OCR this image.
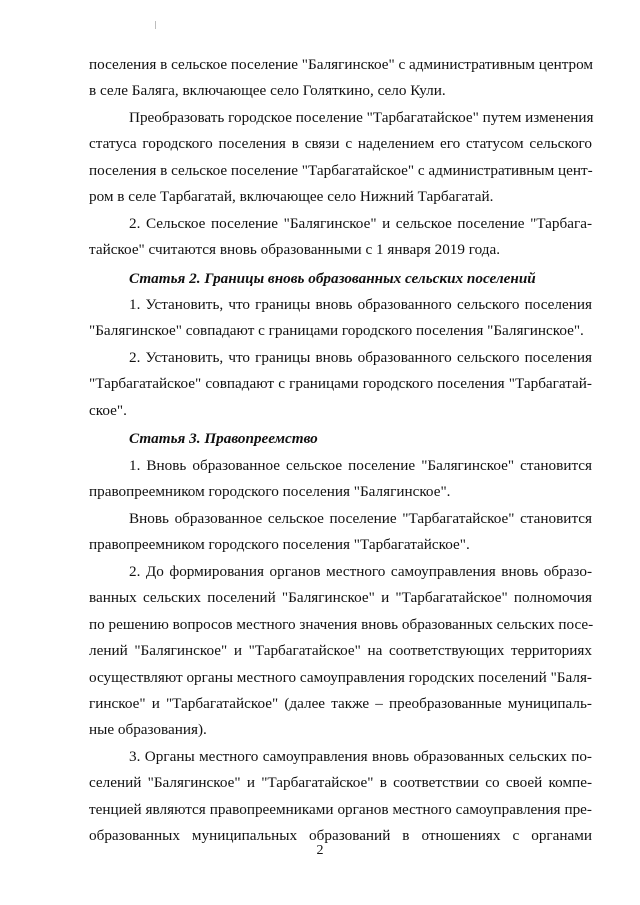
поселения в сельское поселение "Балягинское" с административным центром
в селе Балягa, включающее село Голяткино, село Кули.
Преобразовать городское поселение "Тарбагатайское" путем изменения
статуса городского поселения в связи с наделением его статусом сельского
поселения в сельское поселение "Тарбагатайское" с административным цент-
ром в селе Тарбагатай, включающее село Нижний Тарбагатай.
2. Сельское поселение "Балягинское" и сельское поселение "Тарбага-
тайское" считаются вновь образованными с 1 января 2019 года.
Статья 2. Границы вновь образованных сельских поселений
1. Установить, что границы вновь образованного сельского поселения
"Балягинское" совпадают с границами городского поселения "Балягинское".
2. Установить, что границы вновь образованного сельского поселения
"Тарбагатайское" совпадают с границами городского поселения "Тарбагатай-
ское".
Статья 3. Правопреемство
1. Вновь образованное сельское поселение "Балягинское" становится
правопреемником городского поселения "Балягинское".
Вновь образованное сельское поселение "Тарбагатайское" становится
правопреемником городского поселения "Тарбагатайское".
2. До формирования органов местного самоуправления вновь образо-
ванных сельских поселений "Балягинское" и "Тарбагатайское" полномочия
по решению вопросов местного значения вновь образованных сельских посе-
лений "Балягинское" и "Тарбагатайское" на соответствующих территориях
осуществляют органы местного самоуправления городских поселений "Баля-
гинское" и "Тарбагатайское" (далее также – преобразованные муниципаль-
ные образования).
3. Органы местного самоуправления вновь образованных сельских по-
селений "Балягинское" и "Тарбагатайское" в соответствии со своей компе-
тенцией являются правопреемниками органов местного самоуправления пре-
образованных муниципальных образований в отношениях с органами
2
